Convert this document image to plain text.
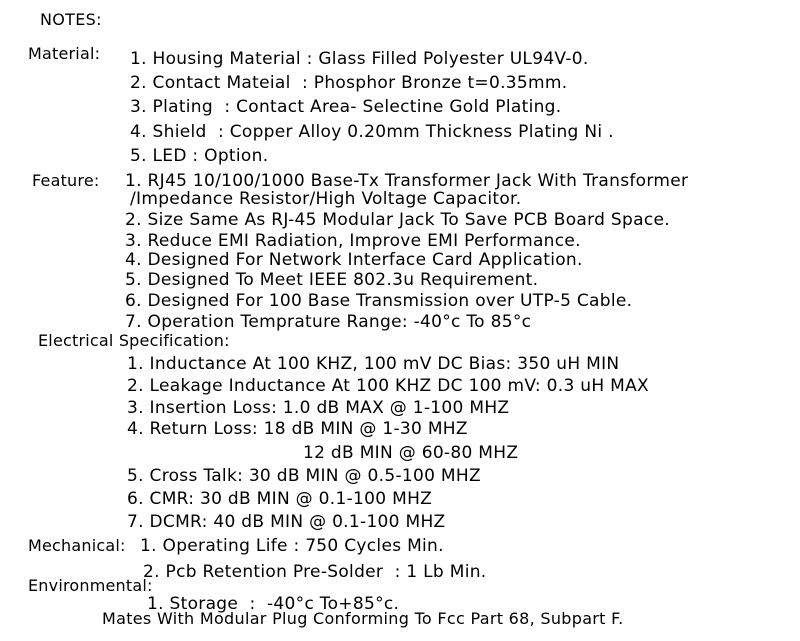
NOTES:
Material: 1. Housing Material : Glass Filled Polyester UL94V-0.
2. Contact Mateial  : Phosphor Bronze t=0.35mm.
3. Plating  : Contact Area- Selectine Gold Plating.
4. Shield  : Copper Alloy 0.20mm Thickness Plating Ni .
5. LED : Option.
Feature: 1. RJ45 10/100/1000 Base-Tx Transformer Jack With Transformer
/Impedance Resistor/High Voltage Capacitor.
2. Size Same As RJ-45 Modular Jack To Save PCB Board Space.
3. Reduce EMI Radiation, Improve EMI Performance.
4. Designed For Network Interface Card Application.
5. Designed To Meet IEEE 802.3u Requirement.
6. Designed For 100 Base Transmission over UTP-5 Cable.
7. Operation Temprature Range: -40°c To 85°c
Electrical Specification:
1. Inductance At 100 KHZ, 100 mV DC Bias: 350 uH MIN
2. Leakage Inductance At 100 KHZ DC 100 mV: 0.3 uH MAX
3. Insertion Loss: 1.0 dB MAX @ 1-100 MHZ
4. Return Loss: 18 dB MIN @ 1-30 MHZ
12 dB MIN @ 60-80 MHZ
5. Cross Talk: 30 dB MIN @ 0.5-100 MHZ
6. CMR: 30 dB MIN @ 0.1-100 MHZ
7. DCMR: 40 dB MIN @ 0.1-100 MHZ
Mechanical: 1. Operating Life : 750 Cycles Min.
2. Pcb Retention Pre-Solder  : 1 Lb Min.
Environmental:
1. Storage  :  -40°c To+85°c.
Mates With Modular Plug Conforming To Fcc Part 68, Subpart F.
